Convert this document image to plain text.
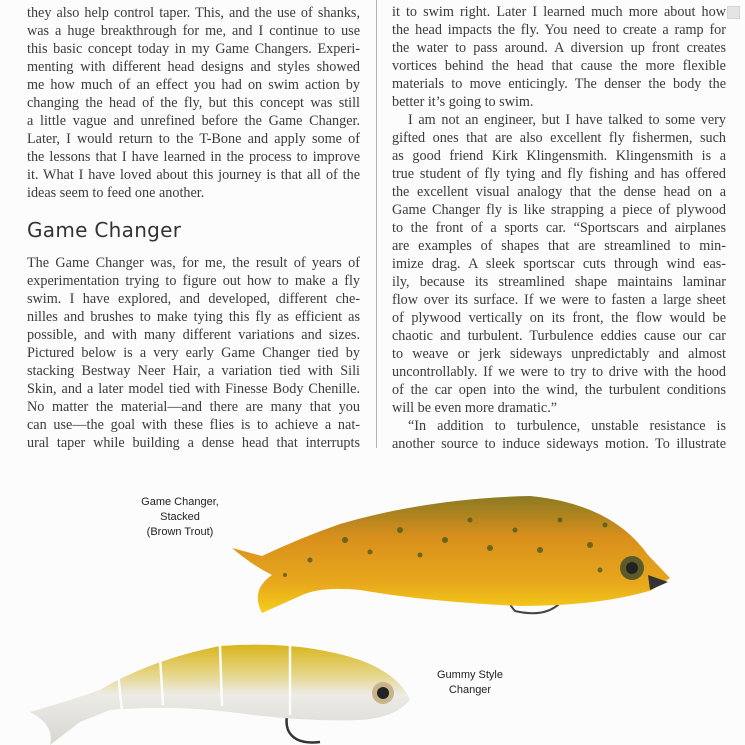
they also help control taper. This, and the use of shanks,
was a huge breakthrough for me, and I continue to use
this basic concept today in my Game Changers. Experi-
menting with different head designs and styles showed
me how much of an effect you had on swim action by
changing the head of the fly, but this concept was still
a little vague and unrefined before the Game Changer.
Later, I would return to the T-Bone and apply some of
the lessons that I have learned in the process to improve
it. What I have loved about this journey is that all of the
ideas seem to feed one another.
Game Changer
The Game Changer was, for me, the result of years of
experimentation trying to figure out how to make a fly
swim. I have explored, and developed, different che-
nilles and brushes to make tying this fly as efficient as
possible, and with many different variations and sizes.
Pictured below is a very early Game Changer tied by
stacking Bestway Neer Hair, a variation tied with Sili
Skin, and a later model tied with Finesse Body Chenille.
No matter the material—and there are many that you
can use—the goal with these flies is to achieve a nat-
ural taper while building a dense head that interrupts
it to swim right. Later I learned much more about how
the head impacts the fly. You need to create a ramp for
the water to pass around. A diversion up front creates
vortices behind the head that cause the more flexible
materials to move enticingly. The denser the body the
better it’s going to swim.
I am not an engineer, but I have talked to some very
gifted ones that are also excellent fly fishermen, such
as good friend Kirk Klingensmith. Klingensmith is a
true student of fly tying and fly fishing and has offered
the excellent visual analogy that the dense head on a
Game Changer fly is like strapping a piece of plywood
to the front of a sports car. “Sportscars and airplanes
are examples of shapes that are streamlined to min-
imize drag. A sleek sportscar cuts through wind eas-
ily, because its streamlined shape maintains laminar
flow over its surface. If we were to fasten a large sheet
of plywood vertically on its front, the flow would be
chaotic and turbulent. Turbulence eddies cause our car
to weave or jerk sideways unpredictably and almost
uncontrollably. If we were to try to drive with the hood
of the car open into the wind, the turbulent conditions
will be even more dramatic.”
“In addition to turbulence, unstable resistance is
another source to induce sideways motion. To illustrate
Game Changer, Stacked
(Brown Trout)
Gummy Style
Changer
